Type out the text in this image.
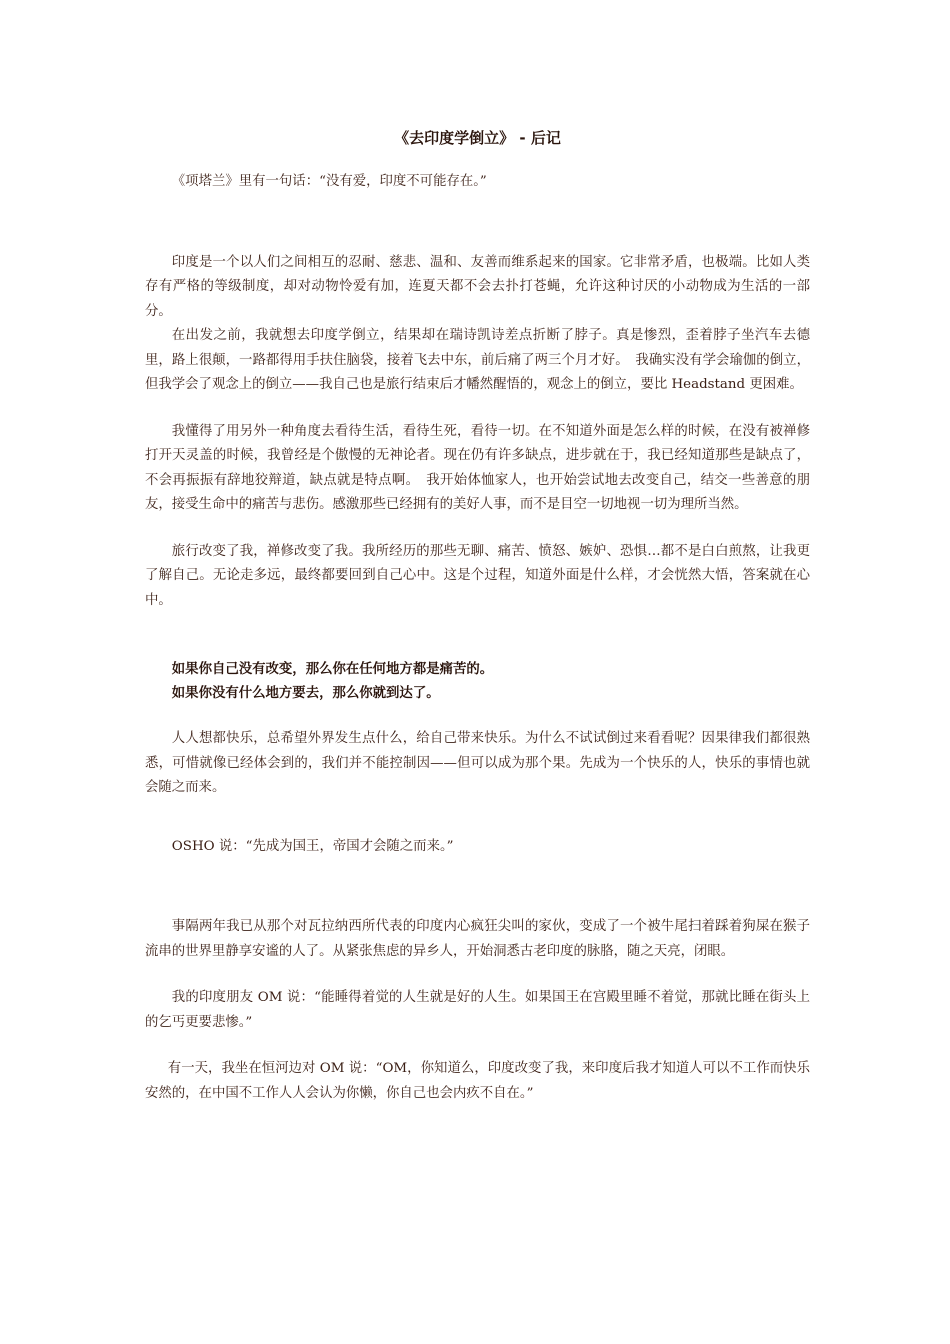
《去印度学倒立》 - 后记

《项塔兰》里有一句话：“没有爱，印度不可能存在。”

印度是一个以人们之间相互的忍耐、慈悲、温和、友善而维系起来的国家。它非常矛盾，也极端。比如人类存有严格的等级制度，却对动物怜爱有加，连夏天都不会去扑打苍蝇，允许这种讨厌的小动物成为生活的一部分。

在出发之前，我就想去印度学倒立，结果却在瑞诗凯诗差点折断了脖子。真是惨烈，歪着脖子坐汽车去德里，路上很颠，一路都得用手扶住脑袋，接着飞去中东，前后痛了两三个月才好。　我确实没有学会瑜伽的倒立，但我学会了观念上的倒立——我自己也是旅行结束后才幡然醒悟的，观念上的倒立，要比 Headstand 更困难。

我懂得了用另外一种角度去看待生活，看待生死，看待一切。在不知道外面是怎么样的时候，在没有被禅修打开天灵盖的时候，我曾经是个傲慢的无神论者。现在仍有许多缺点，进步就在于，我已经知道那些是缺点了，不会再振振有辞地狡辩道，缺点就是特点啊。　我开始体恤家人，也开始尝试地去改变自己，结交一些善意的朋友，接受生命中的痛苦与悲伤。感激那些已经拥有的美好人事，而不是目空一切地视一切为理所当然。

旅行改变了我，禅修改变了我。我所经历的那些无聊、痛苦、愤怒、嫉妒、恐惧…都不是白白煎熬，让我更了解自己。无论走多远，最终都要回到自己心中。这是个过程，知道外面是什么样，才会恍然大悟，答案就在心中。

如果你自己没有改变，那么你在任何地方都是痛苦的。

如果你没有什么地方要去，那么你就到达了。

人人想都快乐，总希望外界发生点什么，给自己带来快乐。为什么不试试倒过来看看呢？因果律我们都很熟悉，可惜就像已经体会到的，我们并不能控制因——但可以成为那个果。先成为一个快乐的人，快乐的事情也就会随之而来。

OSHO 说：“先成为国王，帝国才会随之而来。”

事隔两年我已从那个对瓦拉纳西所代表的印度内心疯狂尖叫的家伙，变成了一个被牛尾扫着踩着狗屎在猴子流串的世界里静享安谧的人了。从紧张焦虑的异乡人，开始洞悉古老印度的脉胳，随之天亮，闭眼。

我的印度朋友 OM 说：“能睡得着觉的人生就是好的人生。如果国王在宫殿里睡不着觉，那就比睡在街头上的乞丐更要悲惨。”

有一天，我坐在恒河边对 OM 说：“OM，你知道么，印度改变了我，来印度后我才知道人可以不工作而快乐安然的，在中国不工作人人会认为你懒，你自己也会内疚不自在。”
